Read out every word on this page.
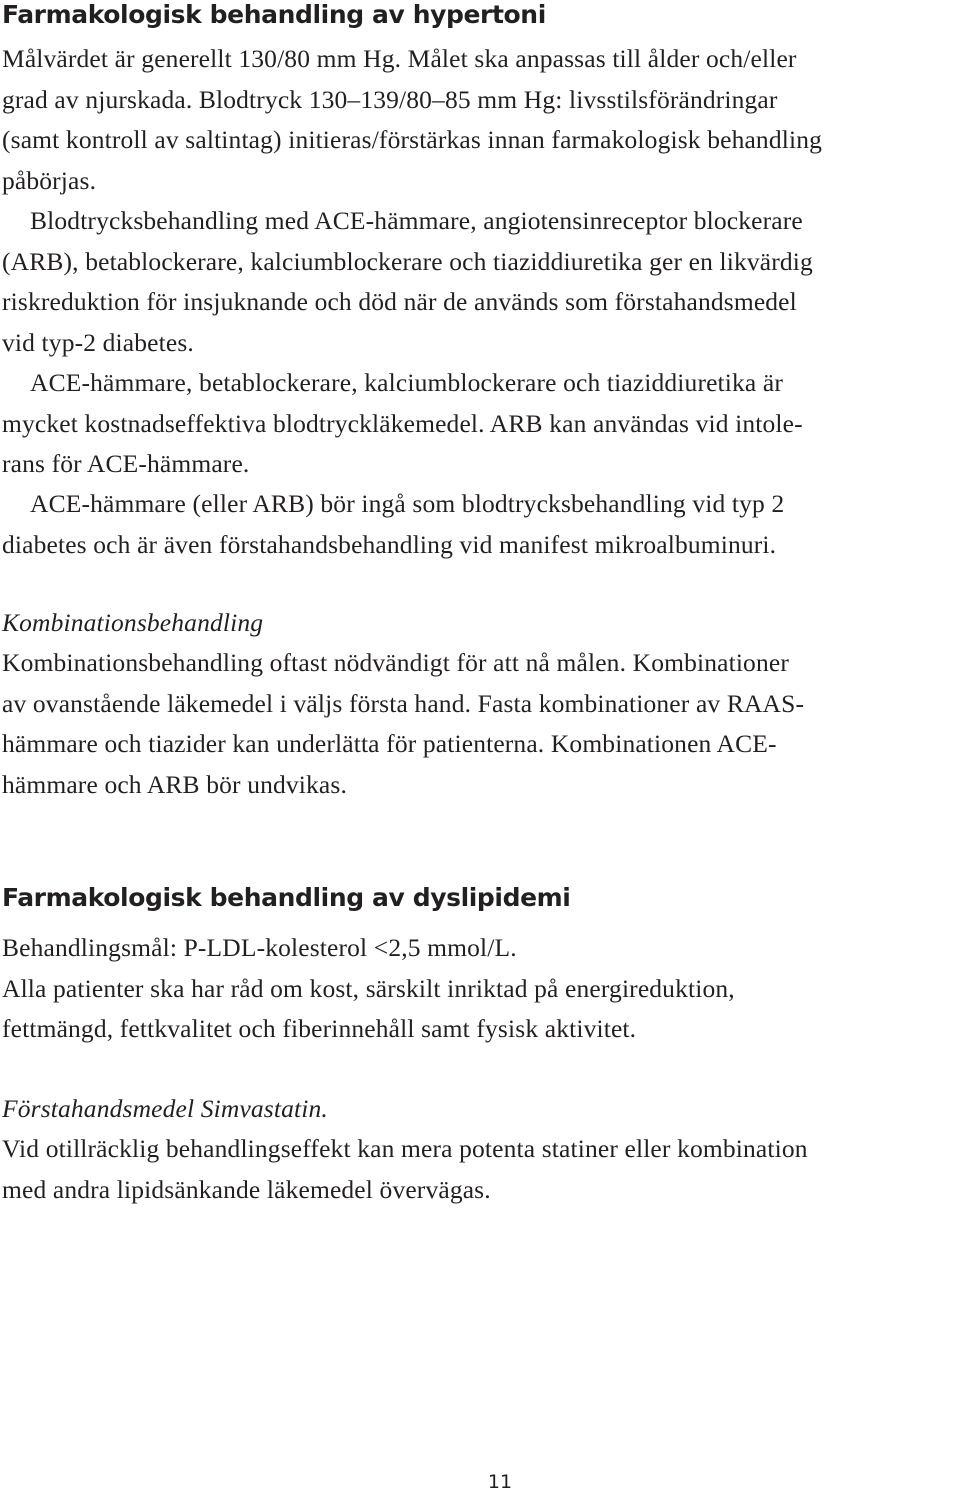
Farmakologisk behandling av hypertoni

Målvärdet är generellt 130/80 mm Hg. Målet ska anpassas till ålder och/eller
grad av njurskada. Blodtryck 130–139/80–85 mm Hg: livsstilsförändringar
(samt kontroll av saltintag) initieras/förstärkas innan farmakologisk behandling
påbörjas.

Blodtrycksbehandling med ACE-hämmare, angiotensinreceptor blockerare
(ARB), betablockerare, kalciumblockerare och tiaziddiuretika ger en likvärdig
riskreduktion för insjuknande och död när de används som förstahandsmedel
vid typ-2 diabetes.

ACE-hämmare, betablockerare, kalciumblockerare och tiaziddiuretika är
mycket kostnadseffektiva blodtryckläkemedel. ARB kan användas vid intole-
rans för ACE-hämmare.

ACE-hämmare (eller ARB) bör ingå som blodtrycksbehandling vid typ 2
diabetes och är även förstahandsbehandling vid manifest mikroalbuminuri.

Kombinationsbehandling

Kombinationsbehandling oftast nödvändigt för att nå målen. Kombinationer
av ovanstående läkemedel i väljs första hand. Fasta kombinationer av RAAS-
hämmare och tiazider kan underlätta för patienterna. Kombinationen ACE-
hämmare och ARB bör undvikas.

Farmakologisk behandling av dyslipidemi

Behandlingsmål: P-LDL-kolesterol <2,5 mmol/L.
Alla patienter ska har råd om kost, särskilt inriktad på energireduktion,
fettmängd, fettkvalitet och fiberinnehåll samt fysisk aktivitet.

Förstahandsmedel Simvastatin.

Vid otillräcklig behandlingseffekt kan mera potenta statiner eller kombination
med andra lipidsänkande läkemedel övervägas.

11
